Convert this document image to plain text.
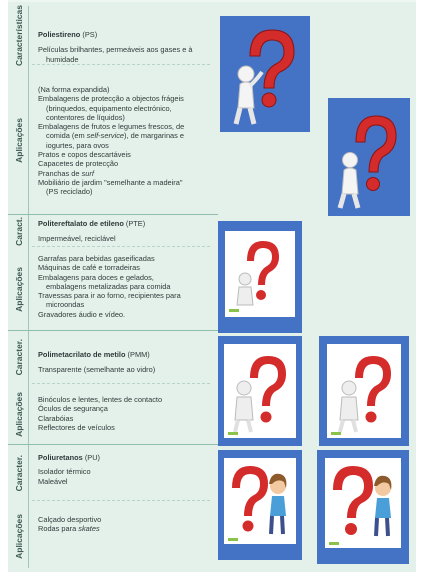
Características
Aplicações
Poliestireno (PS)
Películas brilhantes, permeáveis aos gases e à
humidade
(Na forma expandida)
Embalagens de protecção a objectos frágeis
(brinquedos, equipamento electrónico,
contentores de líquidos)
Embalagens de frutos e legumes frescos, de
comida (em self-service), de margarinas e
iogurtes, para ovos
Pratos e copos descartáveis
Capacetes de protecção
Pranchas de surf
Mobiliário de jardim "semelhante a madeira"
(PS reciclado)
Caract.
Aplicações
Politereftalato de etileno (PTE)
Impermeável, reciclável
Garrafas para bebidas gaseificadas
Máquinas de café e torradeiras
Embalagens para doces e gelados,
embalagens metalizadas para comida
Travessas para ir ao forno, recipientes para
microondas
Gravadores áudio e vídeo.
Caracter.
Aplicações
Polimetacrilato de metilo (PMM)
Transparente (semelhante ao vidro)
Binóculos e lentes, lentes de contacto
Óculos de segurança
Clarabóias
Reflectores de veículos
Caracter.
Aplicações
Poliuretanos (PU)
Isolador térmico
Maleável
Calçado desportivo
Rodas para skates
